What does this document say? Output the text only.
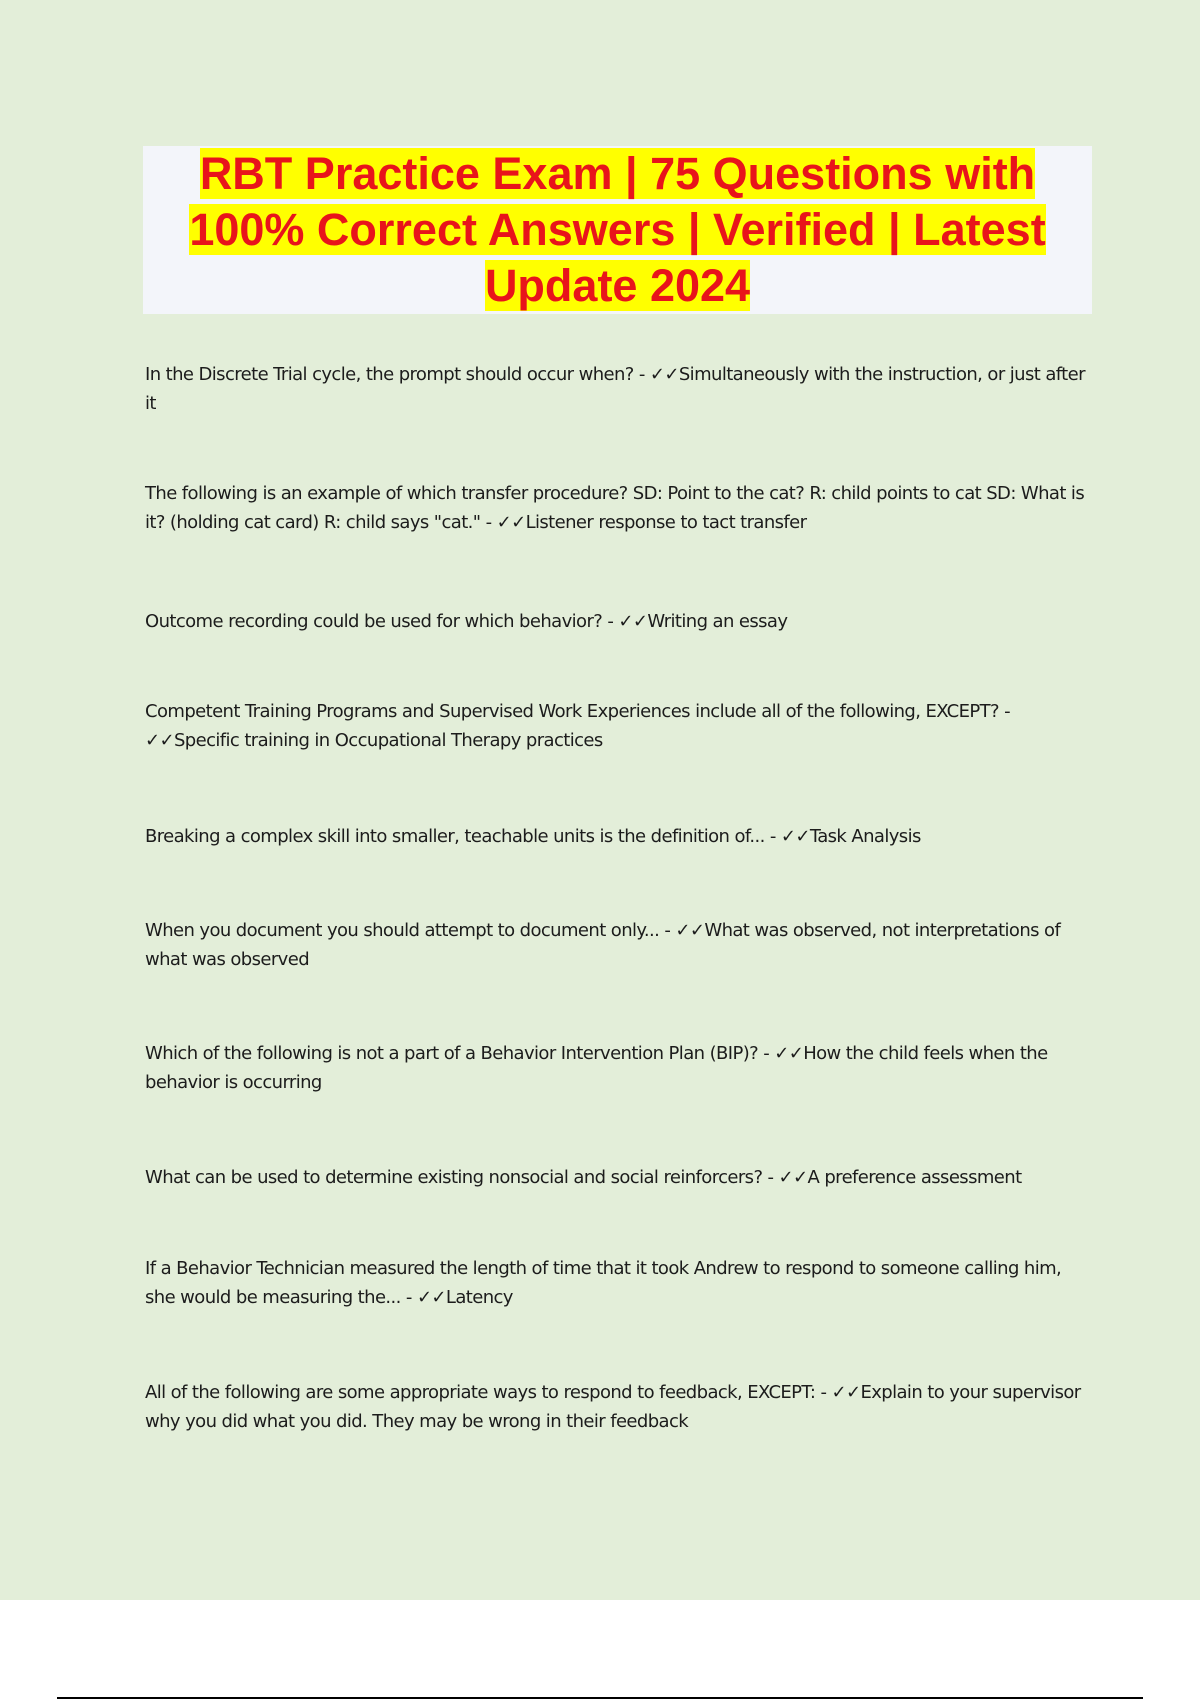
RBT Practice Exam | 75 Questions with 100% Correct Answers | Verified | Latest Update 2024

In the Discrete Trial cycle, the prompt should occur when? - ✓✓Simultaneously with the instruction, or just after it

The following is an example of which transfer procedure? SD: Point to the cat? R: child points to cat SD: What is it? (holding cat card) R: child says "cat." - ✓✓Listener response to tact transfer

Outcome recording could be used for which behavior? - ✓✓Writing an essay

Competent Training Programs and Supervised Work Experiences include all of the following, EXCEPT? - ✓✓Specific training in Occupational Therapy practices

Breaking a complex skill into smaller, teachable units is the definition of... - ✓✓Task Analysis

When you document you should attempt to document only... - ✓✓What was observed, not interpretations of what was observed

Which of the following is not a part of a Behavior Intervention Plan (BIP)? - ✓✓How the child feels when the behavior is occurring

What can be used to determine existing nonsocial and social reinforcers? - ✓✓A preference assessment

If a Behavior Technician measured the length of time that it took Andrew to respond to someone calling him, she would be measuring the... - ✓✓Latency

All of the following are some appropriate ways to respond to feedback, EXCEPT: - ✓✓Explain to your supervisor why you did what you did. They may be wrong in their feedback
